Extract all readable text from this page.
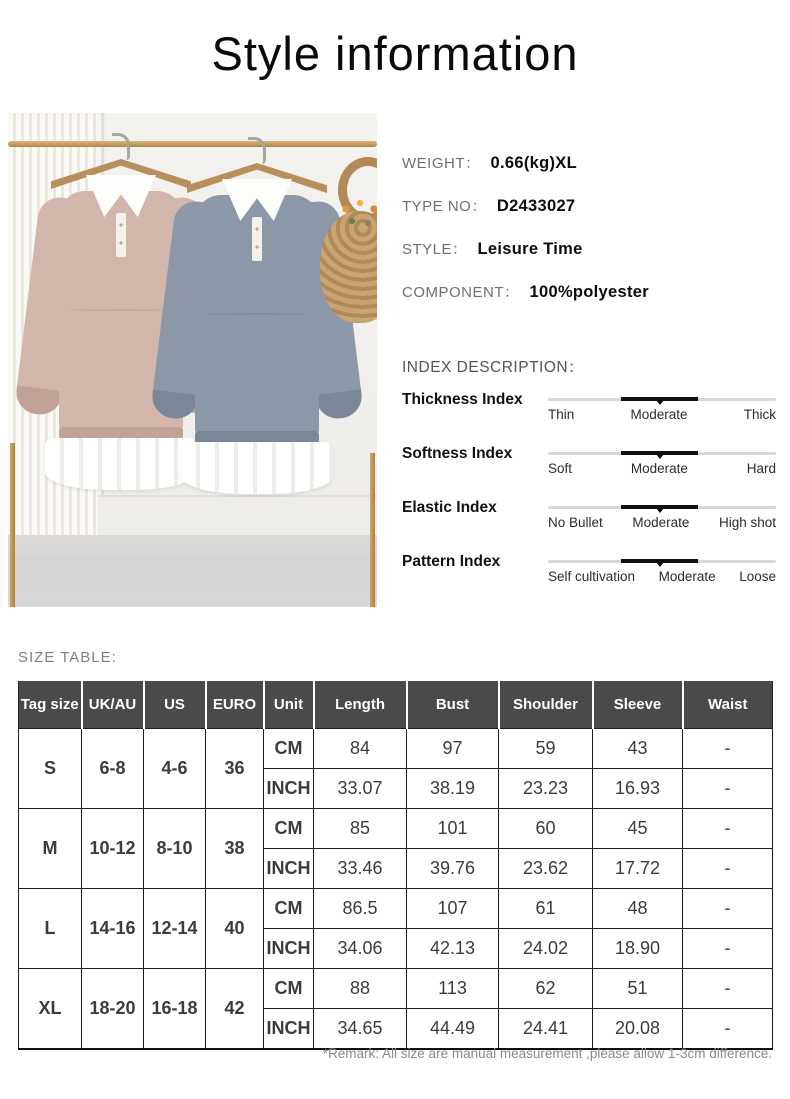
Style information
WEIGHT： 0.66(kg)XL
TYPE NO： D2433027
STYLE： Leisure Time
COMPONENT： 100%polyester
INDEX DESCRIPTION：
Thickness Index
Thin	Moderate	Thick
Softness Index
Soft	Moderate	Hard
Elastic Index
No Bullet Moderate High shot
Pattern Index
Self cultivation Moderate Loose
SIZE TABLE:
Tag size	UK/AU	US	EURO	Unit	Length	Bust	Shoulder	Sleeve	Waist
S	6-8	4-6	36	CM	84	97	59	43	-
				INCH	33.07	38.19	23.23	16.93	-
M	10-12	8-10	38	CM	85	101	60	45	-
				INCH	33.46	39.76	23.62	17.72	-
L	14-16	12-14	40	CM	86.5	107	61	48	-
				INCH	34.06	42.13	24.02	18.90	-
XL	18-20	16-18	42	CM	88	113	62	51	-
				INCH	34.65	44.49	24.41	20.08	-
*Remark: All size are manual measurement ,please allow 1-3cm difference.
